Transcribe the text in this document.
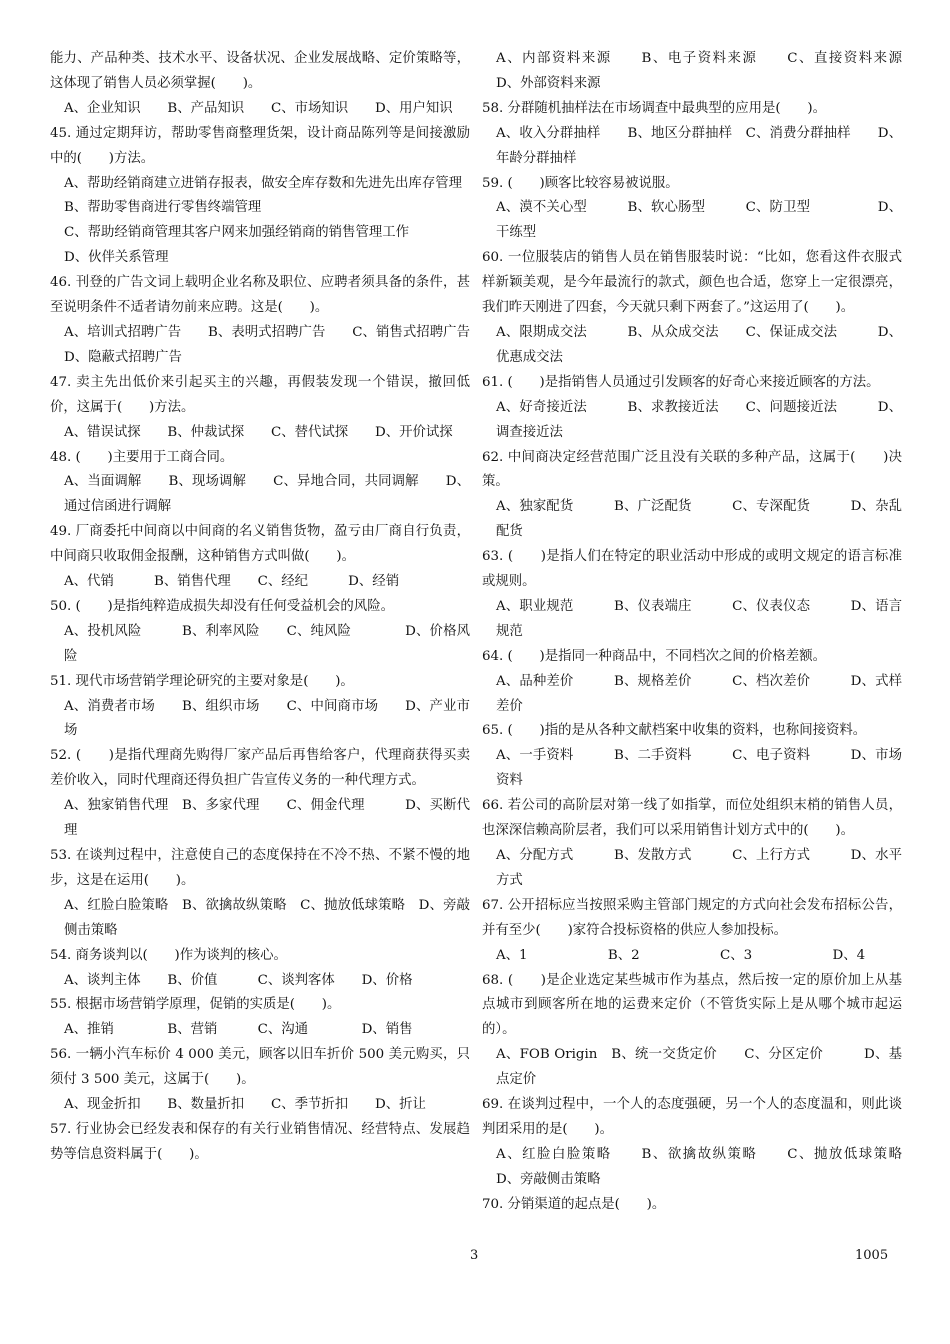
能力、产品种类、技术水平、设备状况、企业发展战略、定价策略等，这体现了销售人员必须掌握(　　)。

A、企业知识　　B、产品知识　　C、市场知识　　D、用户知识

45. 通过定期拜访，帮助零售商整理货架，设计商品陈列等是间接激励中的(　　)方法。

A、帮助经销商建立进销存报表，做安全库存数和先进先出库存管理

B、帮助零售商进行零售终端管理

C、帮助经销商管理其客户网来加强经销商的销售管理工作

D、伙伴关系管理

46. 刊登的广告文词上载明企业名称及职位、应聘者须具备的条件，甚至说明条件不适者请勿前来应聘。这是(　　)。

A、培训式招聘广告　　B、表明式招聘广告　　C、销售式招聘广告　　D、隐蔽式招聘广告

47. 卖主先出低价来引起买主的兴趣，再假装发现一个错误，撤回低价，这属于(　　)方法。

A、错误试探　　B、仲裁试探　　C、替代试探　　D、开价试探

48. (　　)主要用于工商合同。

A、当面调解　　B、现场调解　　C、异地合同，共同调解　　D、通过信函进行调解

49. 厂商委托中间商以中间商的名义销售货物，盈亏由厂商自行负责，中间商只收取佣金报酬，这种销售方式叫做(　　)。

A、代销　　　B、销售代理　　C、经纪　　　D、经销

50. (　　)是指纯粹造成损失却没有任何受益机会的风险。

A、投机风险　　　B、利率风险　　C、纯风险　　　　D、价格风险

51. 现代市场营销学理论研究的主要对象是(　　)。

A、消费者市场　　B、组织市场　　C、中间商市场　　D、产业市场

52. (　　)是指代理商先购得厂家产品后再售给客户，代理商获得买卖差价收入，同时代理商还得负担广告宣传义务的一种代理方式。

A、独家销售代理　B、多家代理　　C、佣金代理　　　D、买断代理

53. 在谈判过程中，注意使自己的态度保持在不冷不热、不紧不慢的地步，这是在运用(　　)。

A、红脸白脸策略　B、欲擒故纵策略　C、抛放低球策略　D、旁敲侧击策略

54. 商务谈判以(　　)作为谈判的核心。

A、谈判主体　　B、价值　　　C、谈判客体　　D、价格

55. 根据市场营销学原理，促销的实质是(　　)。

A、推销　　　　B、营销　　　C、沟通　　　　D、销售

56. 一辆小汽车标价 4 000 美元，顾客以旧车折价 500 美元购买，只须付 3 500 美元，这属于(　　)。

A、现金折扣　　B、数量折扣　　C、季节折扣　　D、折让

57. 行业协会已经发表和保存的有关行业销售情况、经营特点、发展趋势等信息资料属于(　　)。

A、内部资料来源　　B、电子资料来源　　C、直接资料来源　　D、外部资料来源

58. 分群随机抽样法在市场调查中最典型的应用是(　　)。

A、收入分群抽样　　B、地区分群抽样　C、消费分群抽样　　D、年龄分群抽样

59. (　　)顾客比较容易被说服。

A、漠不关心型　　　B、软心肠型　　　C、防卫型　　　　　D、干练型

60. 一位服装店的销售人员在销售服装时说：“比如，您看这件衣服式样新颖美观，是今年最流行的款式，颜色也合适，您穿上一定很漂亮，我们昨天刚进了四套，今天就只剩下两套了。”这运用了(　　)。

A、限期成交法　　　B、从众成交法　　C、保证成交法　　　D、优惠成交法

61. (　　)是指销售人员通过引发顾客的好奇心来接近顾客的方法。

A、好奇接近法　　　B、求教接近法　　C、问题接近法　　　D、调查接近法

62. 中间商决定经营范围广泛且没有关联的多种产品，这属于(　　)决策。

A、独家配货　　　B、广泛配货　　　C、专深配货　　　D、杂乱配货

63. (　　)是指人们在特定的职业活动中形成的或明文规定的语言标准或规则。

A、职业规范　　　B、仪表端庄　　　C、仪表仪态　　　D、语言规范

64. (　　)是指同一种商品中，不同档次之间的价格差额。

A、品种差价　　　B、规格差价　　　C、档次差价　　　D、式样差价

65. (　　)指的是从各种文献档案中收集的资料，也称间接资料。

A、一手资料　　　B、二手资料　　　C、电子资料　　　D、市场资料

66. 若公司的高阶层对第一线了如指掌，而位处组织末梢的销售人员，也深深信赖高阶层者，我们可以采用销售计划方式中的(　　)。

A、分配方式　　　B、发散方式　　　C、上行方式　　　D、水平方式

67. 公开招标应当按照采购主管部门规定的方式向社会发布招标公告，并有至少(　　)家符合投标资格的供应人参加投标。

A、1　　　　　　B、2　　　　　　C、3　　　　　　D、4

68. (　　)是企业选定某些城市作为基点，然后按一定的原价加上从基点城市到顾客所在地的运费来定价（不管货实际上是从哪个城市起运的）。

A、FOB Origin　B、统一交货定价　　C、分区定价　　　D、基点定价

69. 在谈判过程中，一个人的态度强硬，另一个人的态度温和，则此谈判团采用的是(　　)。

A、红脸白脸策略　　B、欲擒故纵策略　　C、抛放低球策略　　D、旁敲侧击策略

70. 分销渠道的起点是(　　)。

3	1005
